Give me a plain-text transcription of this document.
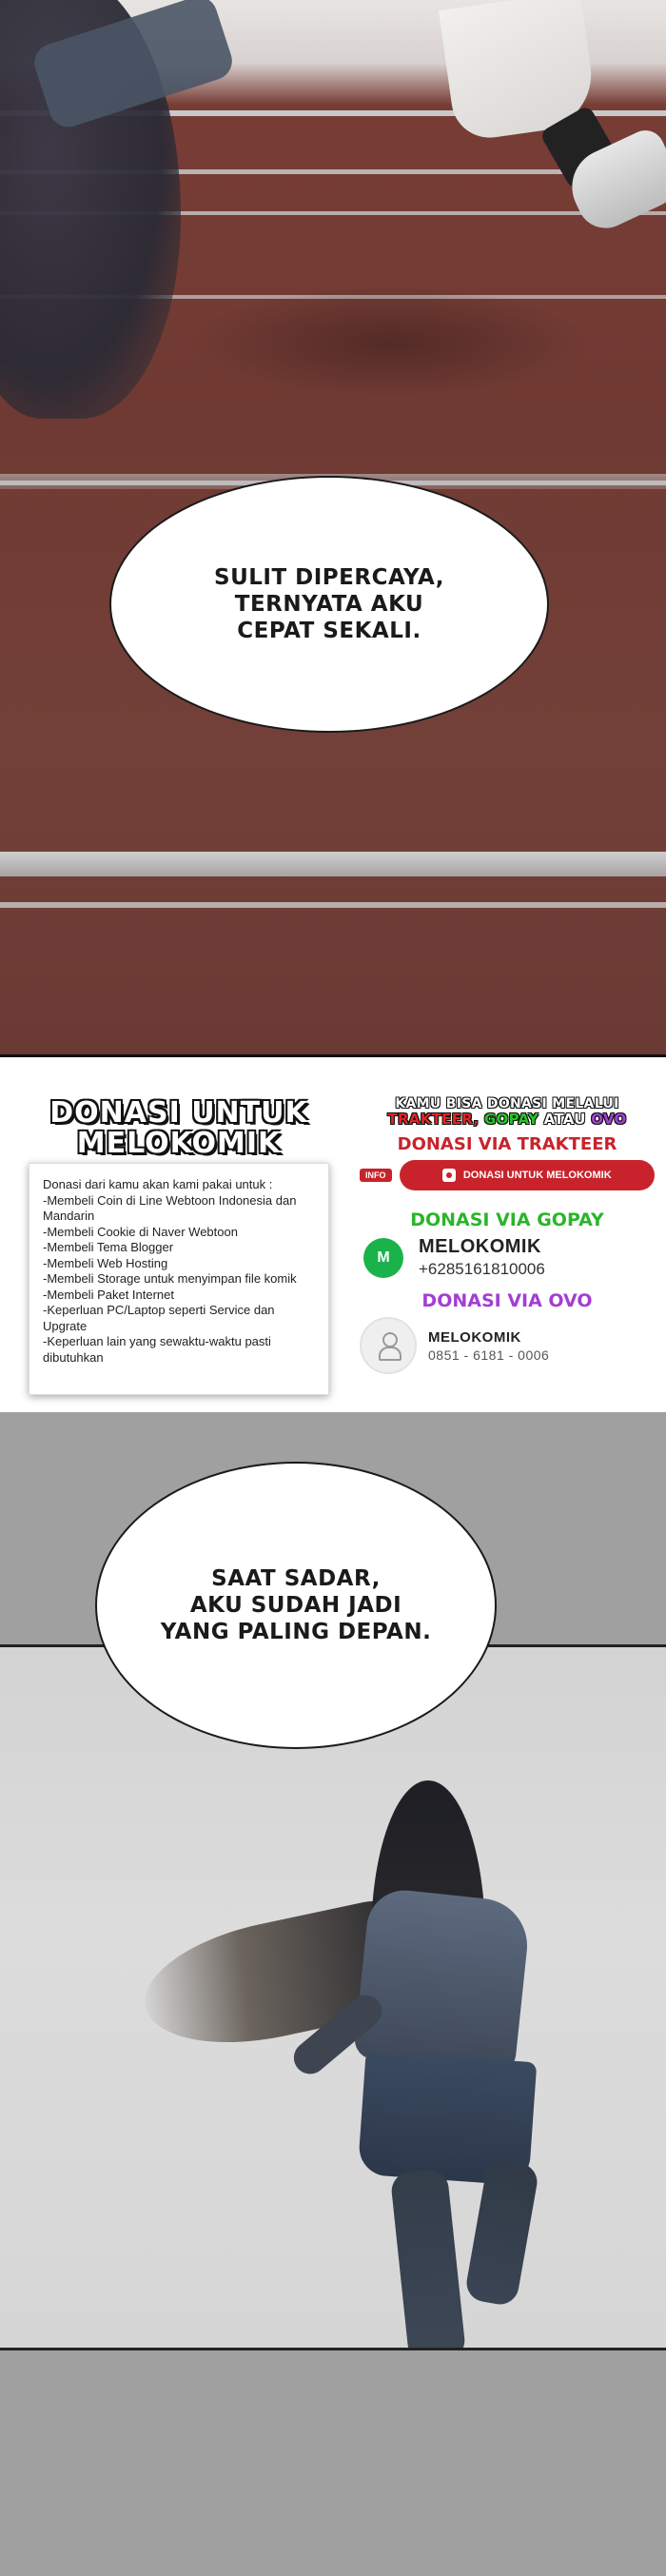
SULIT DIPERCAYA,
TERNYATA AKU
CEPAT SEKALI.
DONASI UNTUK
MELOKOMIK
Donasi dari kamu akan kami pakai untuk :
-Membeli Coin di Line Webtoon Indonesia dan Mandarin
-Membeli Cookie di Naver Webtoon
-Membeli Tema Blogger
-Membeli Web Hosting
-Membeli Storage untuk menyimpan file komik
-Membeli Paket Internet
-Keperluan PC/Laptop seperti Service dan Upgrate
-Keperluan lain yang sewaktu-waktu pasti dibutuhkan
KAMU BISA DONASI MELALUI
TRAKTEER, GOPAY ATAU OVO
DONASI VIA TRAKTEER
INFO	DONASI UNTUK MELOKOMIK
DONASI VIA GOPAY
M	MELOKOMIK
+6285161810006
DONASI VIA OVO
MELOKOMIK
0851 - 6181 - 0006
SAAT SADAR,
AKU SUDAH JADI
YANG PALING DEPAN.
